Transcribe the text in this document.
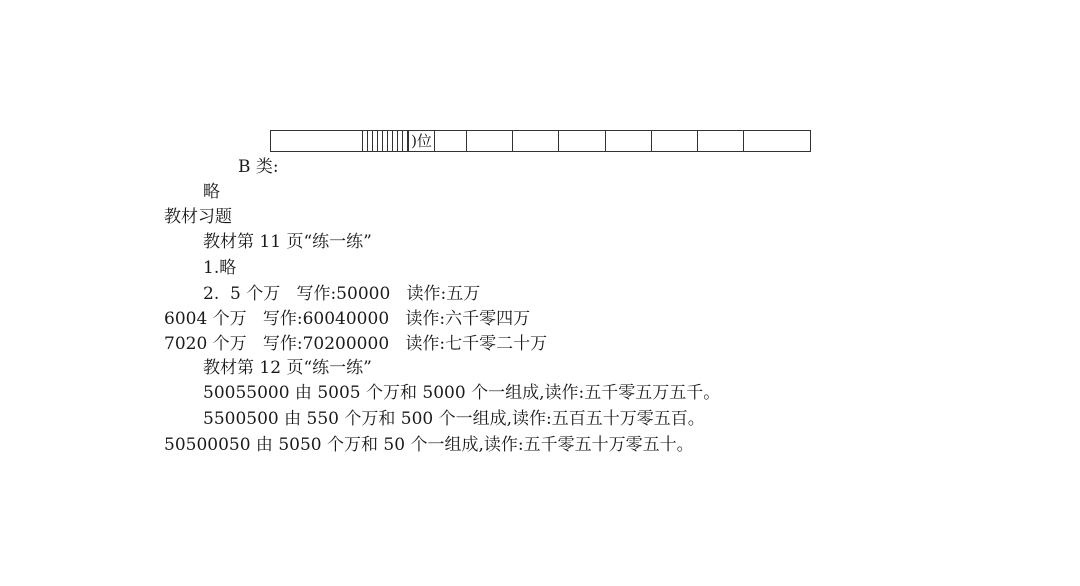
)位
B 类:
略
教材习题
教材第 11 页“练一练”
1.略
2.  5 个万   写作:50000   读作:五万
6004 个万   写作:60040000   读作:六千零四万
7020 个万   写作:70200000   读作:七千零二十万
教材第 12 页“练一练”
50055000 由 5005 个万和 5000 个一组成,读作:五千零五万五千。
5500500 由 550 个万和 500 个一组成,读作:五百五十万零五百。
50500050 由 5050 个万和 50 个一组成,读作:五千零五十万零五十。
